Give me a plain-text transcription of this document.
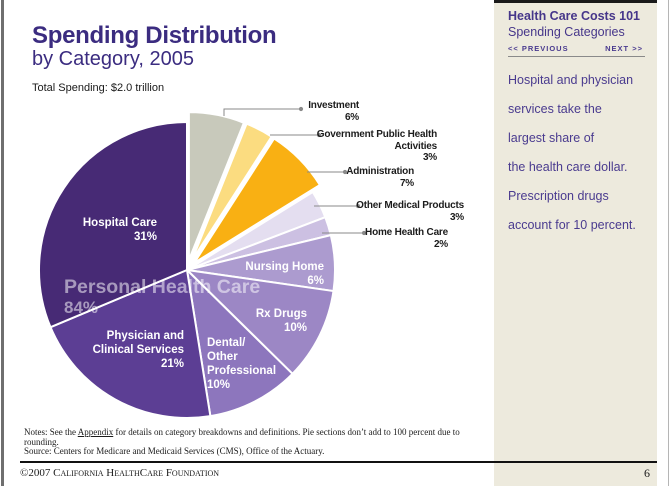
Spending Distribution
by Category, 2005
Total Spending: $2.0 trillion
Investment
6%
Government Public Health
Activities
3%
Administration
7%
Other Medical Products
3%
Home Health Care
2%
Nursing Home
6%
Rx Drugs
10%
Dental/
Other
Professional
10%
Physician and
Clinical Services
21%
Hospital Care
31%
Personal Health Care
84%
Notes: See the Appendix for details on category breakdowns and definitions. Pie sections don’t add to 100 percent due to rounding.
Source: Centers for Medicare and Medicaid Services (CMS), Office of the Actuary.
Health Care Costs 101
Spending Categories
<< PREVIOUS	NEXT >>
Hospital and physician
services take the
largest share of
the health care dollar.
Prescription drugs
account for 10 percent.
©2007 California HealthCare Foundation	6
